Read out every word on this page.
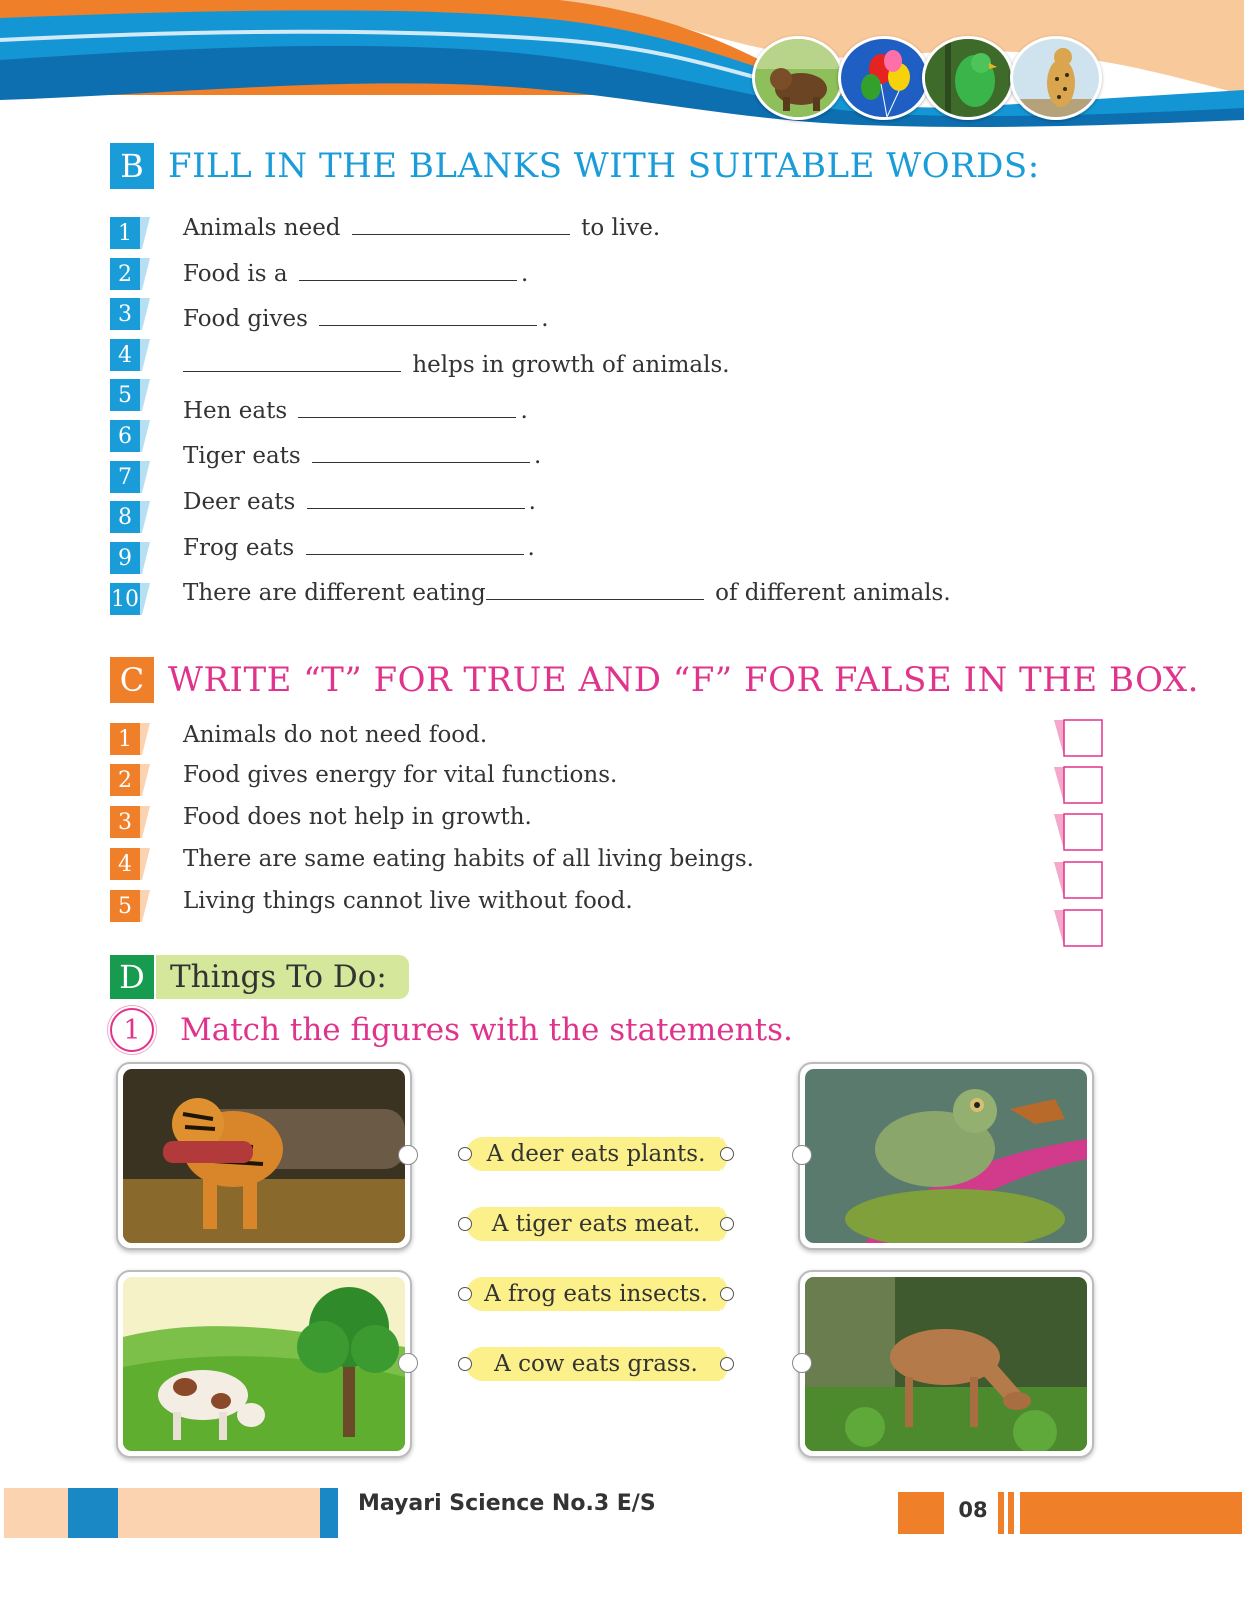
B FILL IN THE BLANKS WITH SUITABLE WORDS:
1
2
3
4
5
6
7
8
9
10
Animals need	to live.
Food is a	.
Food gives	.
helps in growth of animals.
Hen eats	.
Tiger eats	.
Deer eats	.
Frog eats	.
There are different eating	of different animals.
C WRITE “T” FOR TRUE AND “F” FOR FALSE IN THE BOX.
1
2
3
4
5
Animals do not need food.
Food gives energy for vital functions.
Food does not help in growth.
There are same eating habits of all living beings.
Living things cannot live without food.
D Things To Do:
1	Match the figures with the statements.
A deer eats plants.
A tiger eats meat.
A frog eats insects.
A cow eats grass.
Mayari Science No.3 E/S	08
